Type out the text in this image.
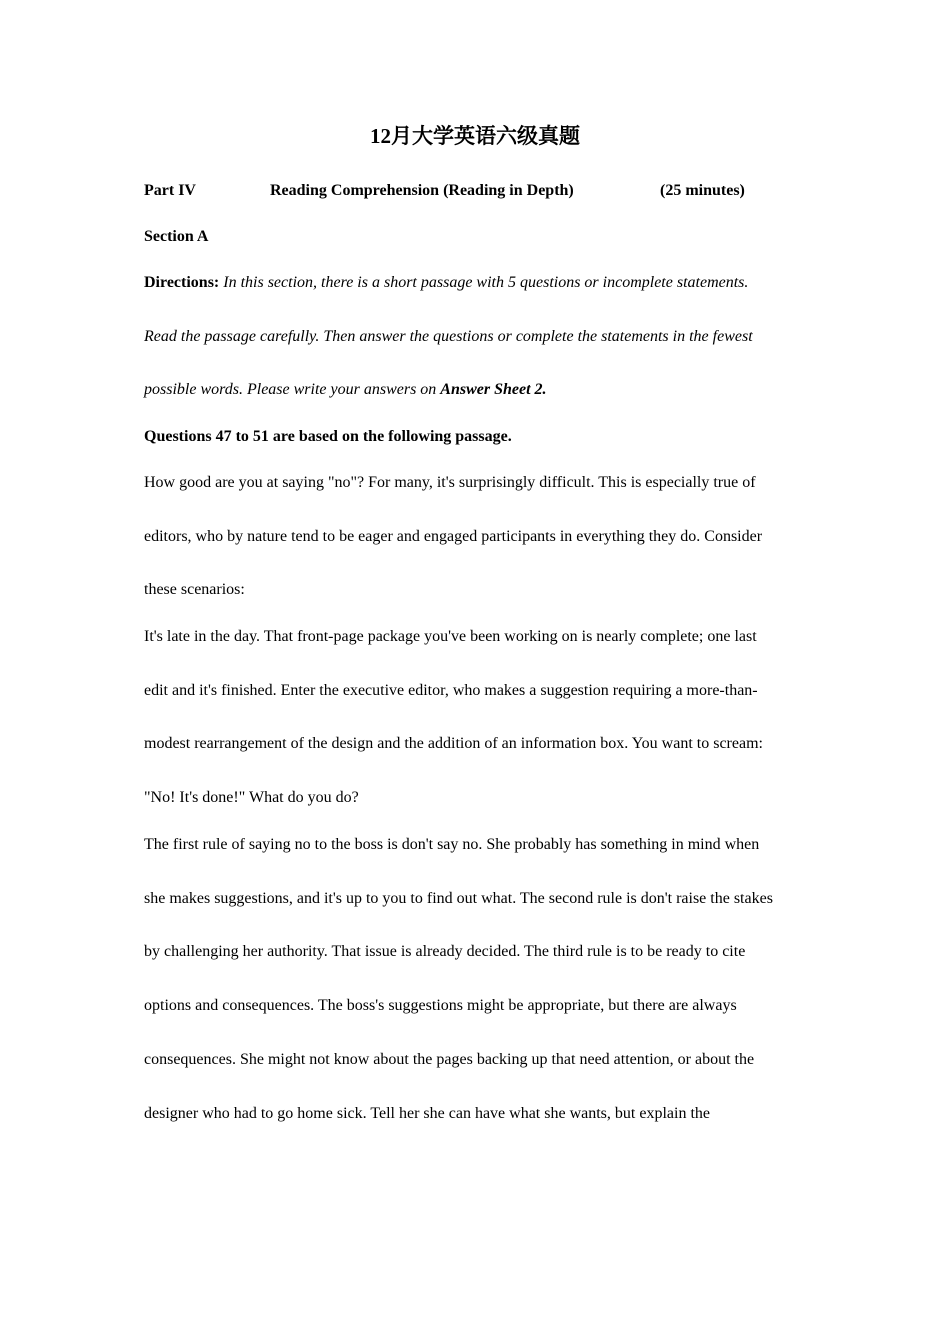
12月大学英语六级真题
Part IV	Reading Comprehension (Reading in Depth)	(25 minutes)
Section A
Directions: In this section, there is a short passage with 5 questions or incomplete statements.
Read the passage carefully. Then answer the questions or complete the statements in the fewest
possible words. Please write your answers on Answer Sheet 2.
Questions 47 to 51 are based on the following passage.
How good are you at saying "no"? For many, it's surprisingly difficult. This is especially true of
editors, who by nature tend to be eager and engaged participants in everything they do. Consider
these scenarios:
It's late in the day. That front-page package you've been working on is nearly complete; one last
edit and it's finished. Enter the executive editor, who makes a suggestion requiring a more-than-
modest rearrangement of the design and the addition of an information box. You want to scream:
"No! It's done!" What do you do?
The first rule of saying no to the boss is don't say no. She probably has something in mind when
she makes suggestions, and it's up to you to find out what. The second rule is don't raise the stakes
by challenging her authority. That issue is already decided. The third rule is to be ready to cite
options and consequences. The boss's suggestions might be appropriate, but there are always
consequences. She might not know about the pages backing up that need attention, or about the
designer who had to go home sick. Tell her she can have what she wants, but explain the
